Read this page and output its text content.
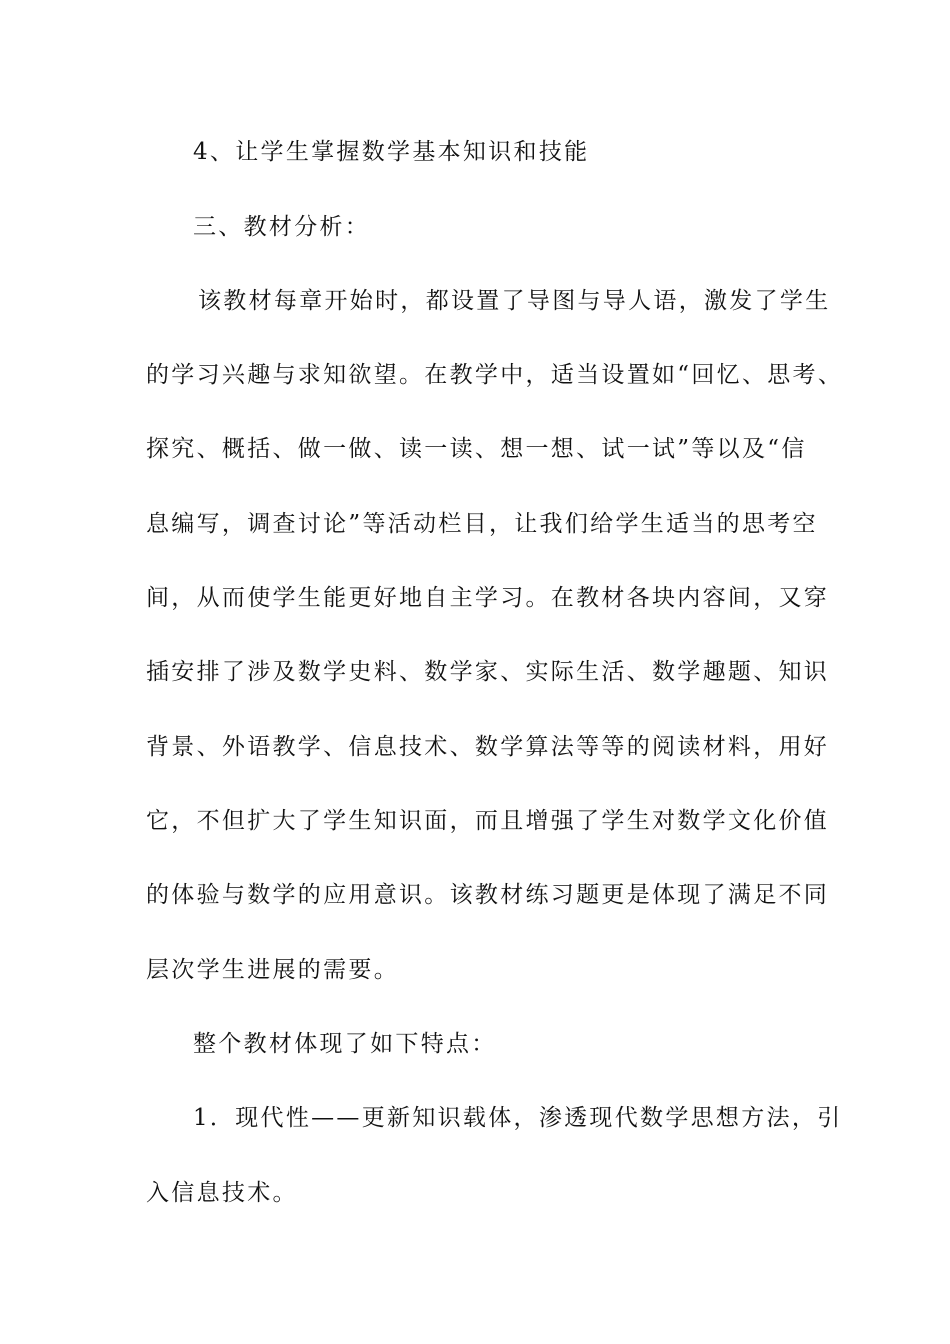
4、让学生掌握数学基本知识和技能
三、教材分析：
该教材每章开始时，都设置了导图与导人语，激发了学生
的学习兴趣与求知欲望。在教学中，适当设置如“回忆、思考、
探究、概括、做一做、读一读、想一想、试一试”等以及“信
息编写，调查讨论”等活动栏目，让我们给学生适当的思考空
间，从而使学生能更好地自主学习。在教材各块内容间，又穿
插安排了涉及数学史料、数学家、实际生活、数学趣题、知识
背景、外语教学、信息技术、数学算法等等的阅读材料，用好
它，不但扩大了学生知识面，而且增强了学生对数学文化价值
的体验与数学的应用意识。该教材练习题更是体现了满足不同
层次学生进展的需要。
整个教材体现了如下特点：
1．现代性——更新知识载体，渗透现代数学思想方法，引
入信息技术。
